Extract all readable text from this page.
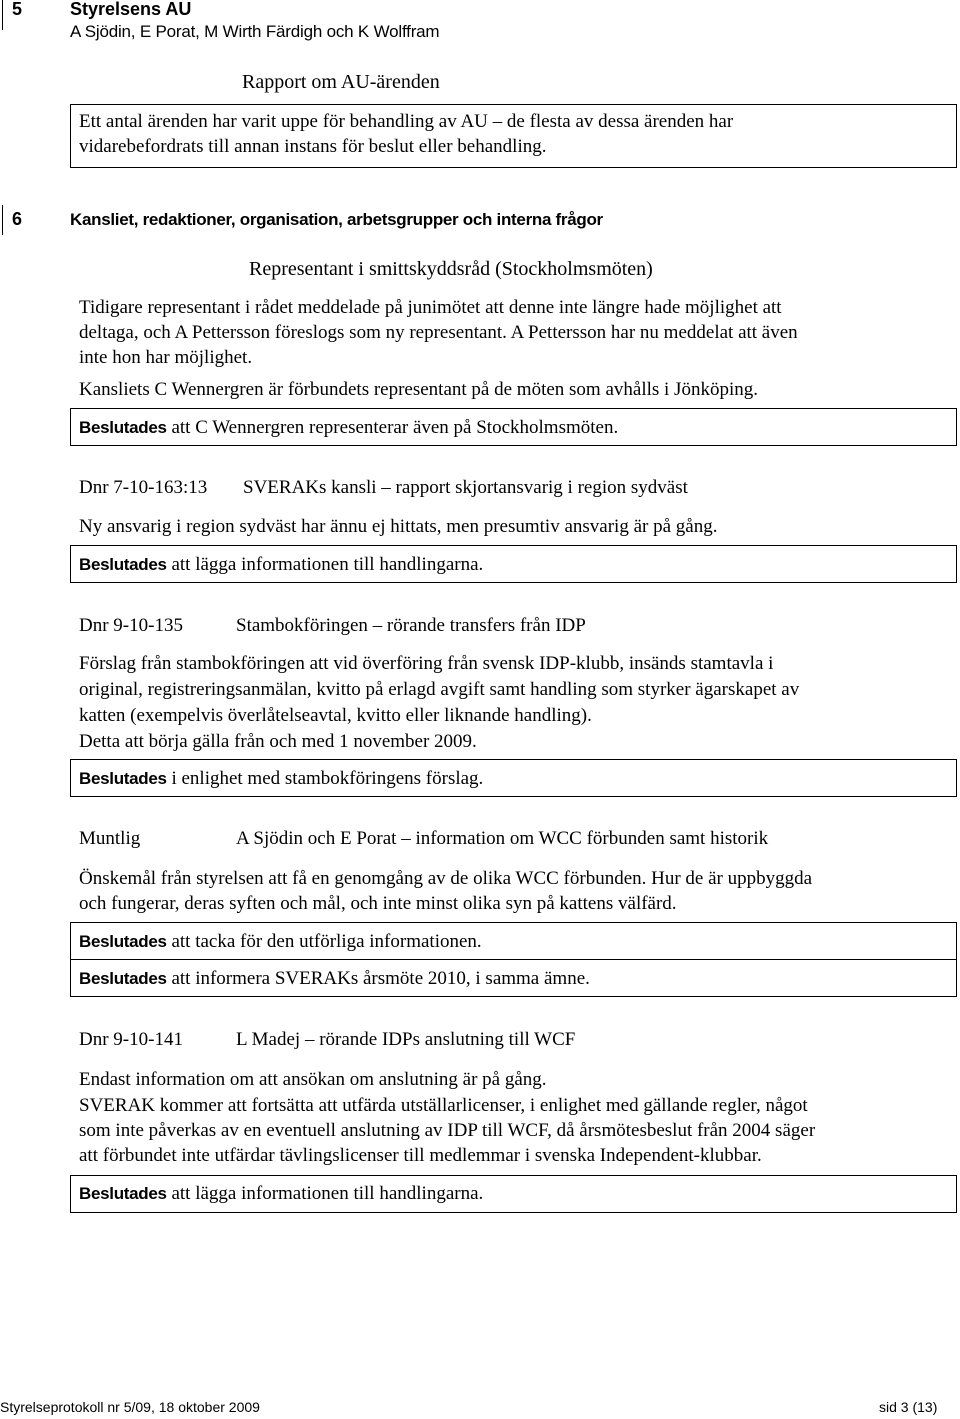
5	Styrelsens AU
A Sjödin, E Porat, M Wirth Färdigh och K Wolffram
Rapport om AU-ärenden
Ett antal ärenden har varit uppe för behandling av AU – de flesta av dessa ärenden har
vidarebefordrats till annan instans för beslut eller behandling.
6	Kansliet, redaktioner, organisation, arbetsgrupper och interna frågor
Representant i smittskyddsråd (Stockholmsmöten)
Tidigare representant i rådet meddelade på junimötet att denne inte längre hade möjlighet att
deltaga, och A Pettersson föreslogs som ny representant. A Pettersson har nu meddelat att även
inte hon har möjlighet.
Kansliets C Wennergren är förbundets representant på de möten som avhålls i Jönköping.
Beslutades att C Wennergren representerar även på Stockholmsmöten.
Dnr 7-10-163:13 SVERAKs kansli – rapport skjortansvarig i region sydväst
Ny ansvarig i region sydväst har ännu ej hittats, men presumtiv ansvarig är på gång.
Beslutades att lägga informationen till handlingarna.
Dnr 9-10-135	Stambokföringen – rörande transfers från IDP
Förslag från stambokföringen att vid överföring från svensk IDP-klubb, insänds stamtavla i
original, registreringsanmälan, kvitto på erlagd avgift samt handling som styrker ägarskapet av
katten (exempelvis överlåtelseavtal, kvitto eller liknande handling).
Detta att börja gälla från och med 1 november 2009.
Beslutades i enlighet med stambokföringens förslag.
Muntlig	A Sjödin och E Porat – information om WCC förbunden samt historik
Önskemål från styrelsen att få en genomgång av de olika WCC förbunden. Hur de är uppbyggda
och fungerar, deras syften och mål, och inte minst olika syn på kattens välfärd.
Beslutades att tacka för den utförliga informationen.
Beslutades att informera SVERAKs årsmöte 2010, i samma ämne.
Dnr 9-10-141	L Madej – rörande IDPs anslutning till WCF
Endast information om att ansökan om anslutning är på gång.
SVERAK kommer att fortsätta att utfärda utställarlicenser, i enlighet med gällande regler, något
som inte påverkas av en eventuell anslutning av IDP till WCF, då årsmötesbeslut från 2004 säger
att förbundet inte utfärdar tävlingslicenser till medlemmar i svenska Independent-klubbar.
Beslutades att lägga informationen till handlingarna.
Styrelseprotokoll nr 5/09, 18 oktober 2009	sid 3 (13)
